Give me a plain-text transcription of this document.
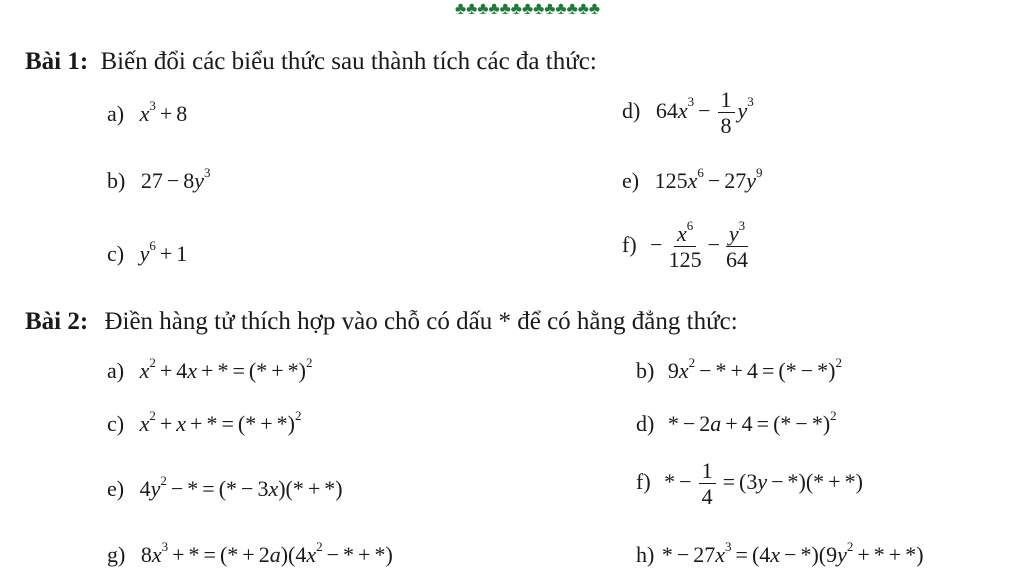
♣♣♣♣♣♣♣♣♣♣♣♣♣
Bài 1: Biến đổi các biểu thức sau thành tích các đa thức:
a) $x^3 + 8$	d) $64x^3 - \frac{1}{8} y^3$
b) $27 - 8y^3$	e) $125x^6 - 27y^9$
c) $y^6 + 1$	$f) - \frac{x^6}{125} - \frac{y^3}{64}$
Bài 2: Điền hàng tử thích hợp vào chỗ có dấu * để có hằng đẳng thức:
a) $x^2 + 4x$ + * = (* + *)$^2$	b) $9x^2$ − * + 4 = (* − *)$^2$
c) $x^2 + x$ + * = (* + *)$^2$	d) * − 2a + 4 = (* − *)$^2$
e) $4y^2$ − * = (* − 3x)(* + *)	f) * − $\frac{1}{4} = (3y$ − *)(* + *)
g) $8x^3$ + * = (* + $2a)(4x^2$ − * + *)	h) * − $27x^3 = (4x - *)(9y^2$ + * + *)
